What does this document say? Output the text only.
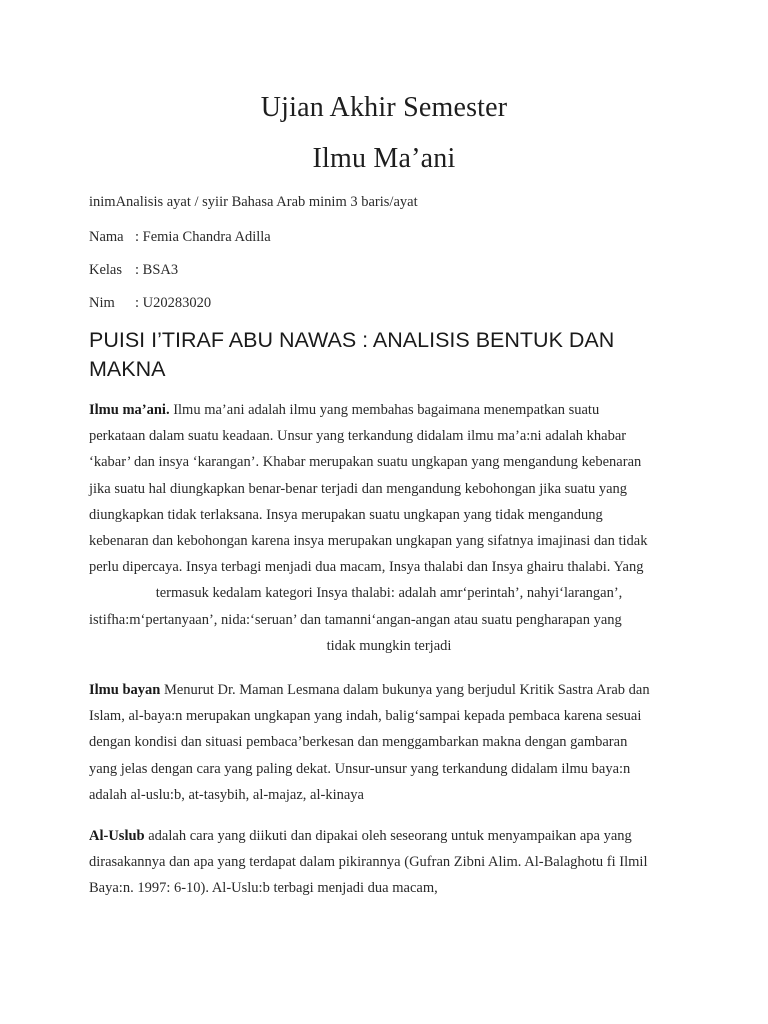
Ujian Akhir Semester
Ilmu Ma’ani
inimAnalisis ayat / syiir Bahasa Arab minim 3 baris/ayat
Nama : Femia Chandra Adilla
Kelas : BSA3
Nim : U20283020
PUISI I’TIRAF ABU NAWAS : ANALISIS BENTUK DAN MAKNA
Ilmu ma’ani. Ilmu ma’ani adalah ilmu yang membahas bagaimana menempatkan suatu
perkataan dalam suatu keadaan. Unsur yang terkandung didalam ilmu ma’a:ni adalah khabar
‘kabar’ dan insya ‘karangan’. Khabar merupakan suatu ungkapan yang mengandung kebenaran
jika suatu hal diungkapkan benar-benar terjadi dan mengandung kebohongan jika suatu yang
diungkapkan tidak terlaksana. Insya merupakan suatu ungkapan yang tidak mengandung
kebenaran dan kebohongan karena insya merupakan ungkapan yang sifatnya imajinasi dan tidak
perlu dipercaya. Insya terbagi menjadi dua macam, Insya thalabi dan Insya ghairu thalabi. Yang
termasuk kedalam kategori Insya thalabi: adalah amr‘perintah’, nahyi‘larangan’,
istifha:m‘pertanyaan’, nida:‘seruan’ dan tamanni‘angan-angan atau suatu pengharapan yang
tidak mungkin terjadi
Ilmu bayan Menurut Dr. Maman Lesmana dalam bukunya yang berjudul Kritik Sastra Arab dan
Islam, al-baya:n merupakan ungkapan yang indah, balig‘sampai kepada pembaca karena sesuai
dengan kondisi dan situasi pembaca’berkesan dan menggambarkan makna dengan gambaran
yang jelas dengan cara yang paling dekat. Unsur-unsur yang terkandung didalam ilmu baya:n
adalah al-uslu:b, at-tasybih, al-majaz, al-kinaya
Al-Uslub adalah cara yang diikuti dan dipakai oleh seseorang untuk menyampaikan apa yang
dirasakannya dan apa yang terdapat dalam pikirannya (Gufran Zibni Alim. Al-Balaghotu fi Ilmil
Baya:n. 1997: 6-10). Al-Uslu:b terbagi menjadi dua macam,
